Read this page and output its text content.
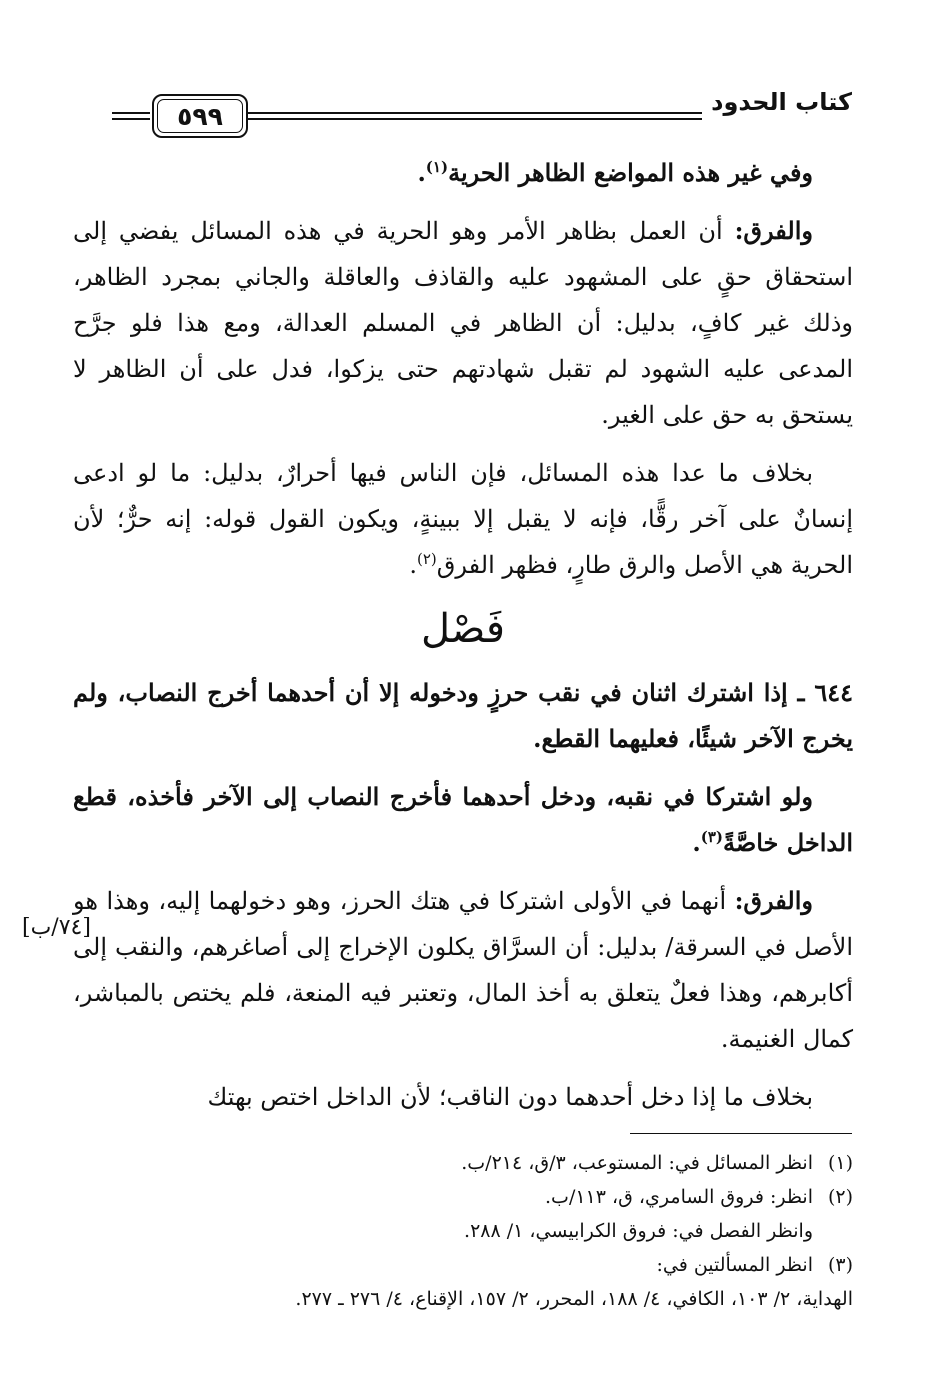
كتاب الحدود
٥٩٩

وفي غير هذه المواضع الظاهر الحرية$^{(١)}$.

والفرق: أن العمل بظاهر الأمر وهو الحرية في هذه المسائل يفضي إلى استحقاق حقٍ على المشهود عليه والقاذف والعاقلة والجاني بمجرد الظاهر، وذلك غير كافٍ، بدليل: أن الظاهر في المسلم العدالة، ومع هذا فلو جرَّح المدعى عليه الشهود لم تقبل شهادتهم حتى يزكوا، فدل على أن الظاهر لا يستحق به حق على الغير.

بخلاف ما عدا هذه المسائل، فإن الناس فيها أحرارٌ، بدليل: ما لو ادعى إنسانٌ على آخر رقًّا، فإنه لا يقبل إلا ببينةٍ، ويكون القول قوله: إنه حرٌّ؛ لأن الحرية هي الأصل والرق طارٍ، فظهر الفرق$^{(٢)}$.

فَصْل

٦٤٤ ـ إذا اشترك اثنان في نقب حرزٍ ودخوله إلا أن أحدهما أخرج النصاب، ولم يخرج الآخر شيئًا، فعليهما القطع.

ولو اشتركا في نقبه، ودخل أحدهما فأخرج النصاب إلى الآخر فأخذه، قطع الداخل خاصَّةً$^{(٣)}$.

والفرق: أنهما في الأولى اشتركا في هتك الحرز، وهو دخولهما إليه، وهذا هو الأصل في السرقة/ بدليل: أن السرَّاق يكلون الإخراج إلى أصاغرهم، والنقب إلى أكابرهم، وهذا فعلٌ يتعلق به أخذ المال، وتعتبر فيه المنعة، فلم يختص بالمباشر، كمال الغنيمة.

بخلاف ما إذا دخل أحدهما دون الناقب؛ لأن الداخل اختص بهتك

[٧٤/ب]

(١)انظر المسائل في: المستوعب، ٣/ق، ٢١٤/ب.

(٢)انظر: فروق السامري، ق، ١١٣/ب.

وانظر الفصل في: فروق الكرابيسي، ١/ ٢٨٨.

(٣)انظر المسألتين في:

الهداية، ٢/ ١٠٣، الكافي، ٤/ ١٨٨، المحرر، ٢/ ١٥٧، الإقناع، ٤/ ٢٧٦ ـ ٢٧٧.
